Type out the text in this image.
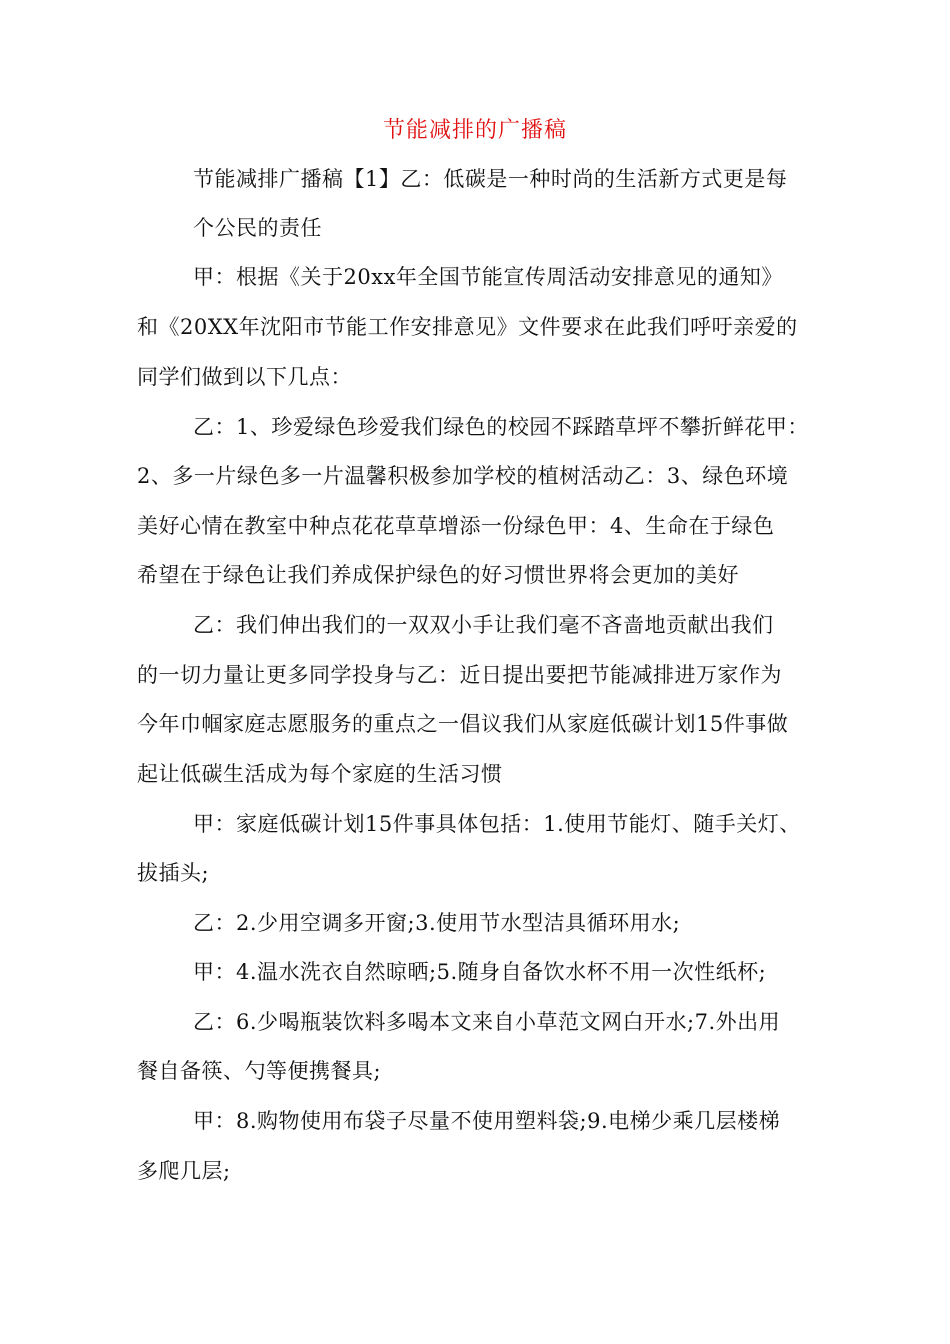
节能减排的广播稿
节能减排广播稿【1】乙：低碳是一种时尚的生活新方式更是每
个公民的责任
甲：根据《关于20xx年全国节能宣传周活动安排意见的通知》
和《20XX年沈阳市节能工作安排意见》文件要求在此我们呼吁亲爱的
同学们做到以下几点：
乙：1、珍爱绿色珍爱我们绿色的校园不踩踏草坪不攀折鲜花甲：
2、多一片绿色多一片温馨积极参加学校的植树活动乙：3、绿色环境
美好心情在教室中种点花花草草增添一份绿色甲：4、生命在于绿色
希望在于绿色让我们养成保护绿色的好习惯世界将会更加的美好
乙：我们伸出我们的一双双小手让我们毫不吝啬地贡献出我们
的一切力量让更多同学投身与乙：近日提出要把节能减排进万家作为
今年巾帼家庭志愿服务的重点之一倡议我们从家庭低碳计划15件事做
起让低碳生活成为每个家庭的生活习惯
甲：家庭低碳计划15件事具体包括：1.使用节能灯、随手关灯、
拔插头;
乙：2.少用空调多开窗;3.使用节水型洁具循环用水;
甲：4.温水洗衣自然晾晒;5.随身自备饮水杯不用一次性纸杯;
乙：6.少喝瓶装饮料多喝本文来自小草范文网白开水;7.外出用
餐自备筷、勺等便携餐具;
甲：8.购物使用布袋子尽量不使用塑料袋;9.电梯少乘几层楼梯
多爬几层;
